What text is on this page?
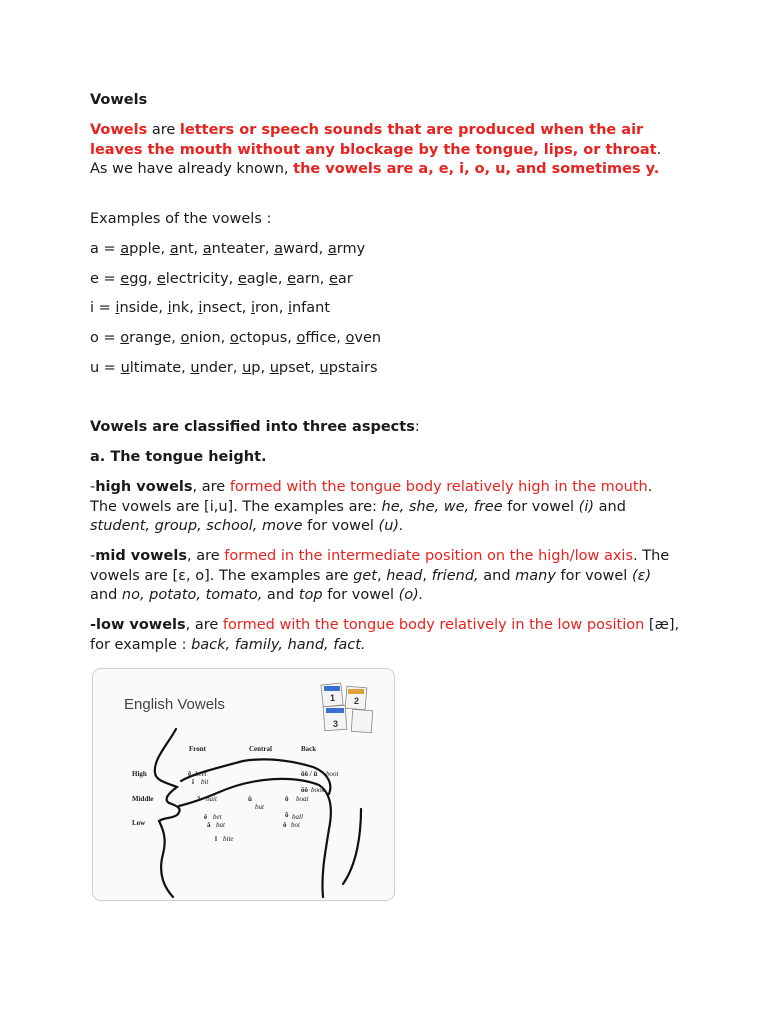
Vowels

Vowels are letters or speech sounds that are produced when the air leaves the mouth without any blockage by the tongue, lips, or throat. As we have already known, the vowels are a, e, i, o, u, and sometimes y.

Examples of the vowels :

a = apple, ant, anteater, award, army

e = egg, electricity, eagle, earn, ear

i = inside, ink, insect, iron, infant

o = orange, onion, octopus, office, oven

u = ultimate, under, up, upset, upstairs

Vowels are classified into three aspects:

a. The tongue height.

-high vowels, are formed with the tongue body relatively high in the mouth. The vowels are [i,u]. The examples are: he, she, we, free for vowel (i) and student, group, school, move for vowel (u).

-mid vowels, are formed in the intermediate position on the high/low axis. The vowels are [ε, o]. The examples are get, head, friend, and many for vowel (ε) and no, potato, tomato, and top for vowel (o).

-low vowels, are formed with the tongue body relatively in the low position [æ], for example : back, family, hand, fact.

English Vowels	1 2
3
Front	Central	Back
High
Middle
Low
ē beet
ĭ bit
ōō / ū boot
ŏŏ book
ā bait	ŭ
but
ō boat
ĕ bet
ă bat
ô ball
ŏ bot
ī bite
